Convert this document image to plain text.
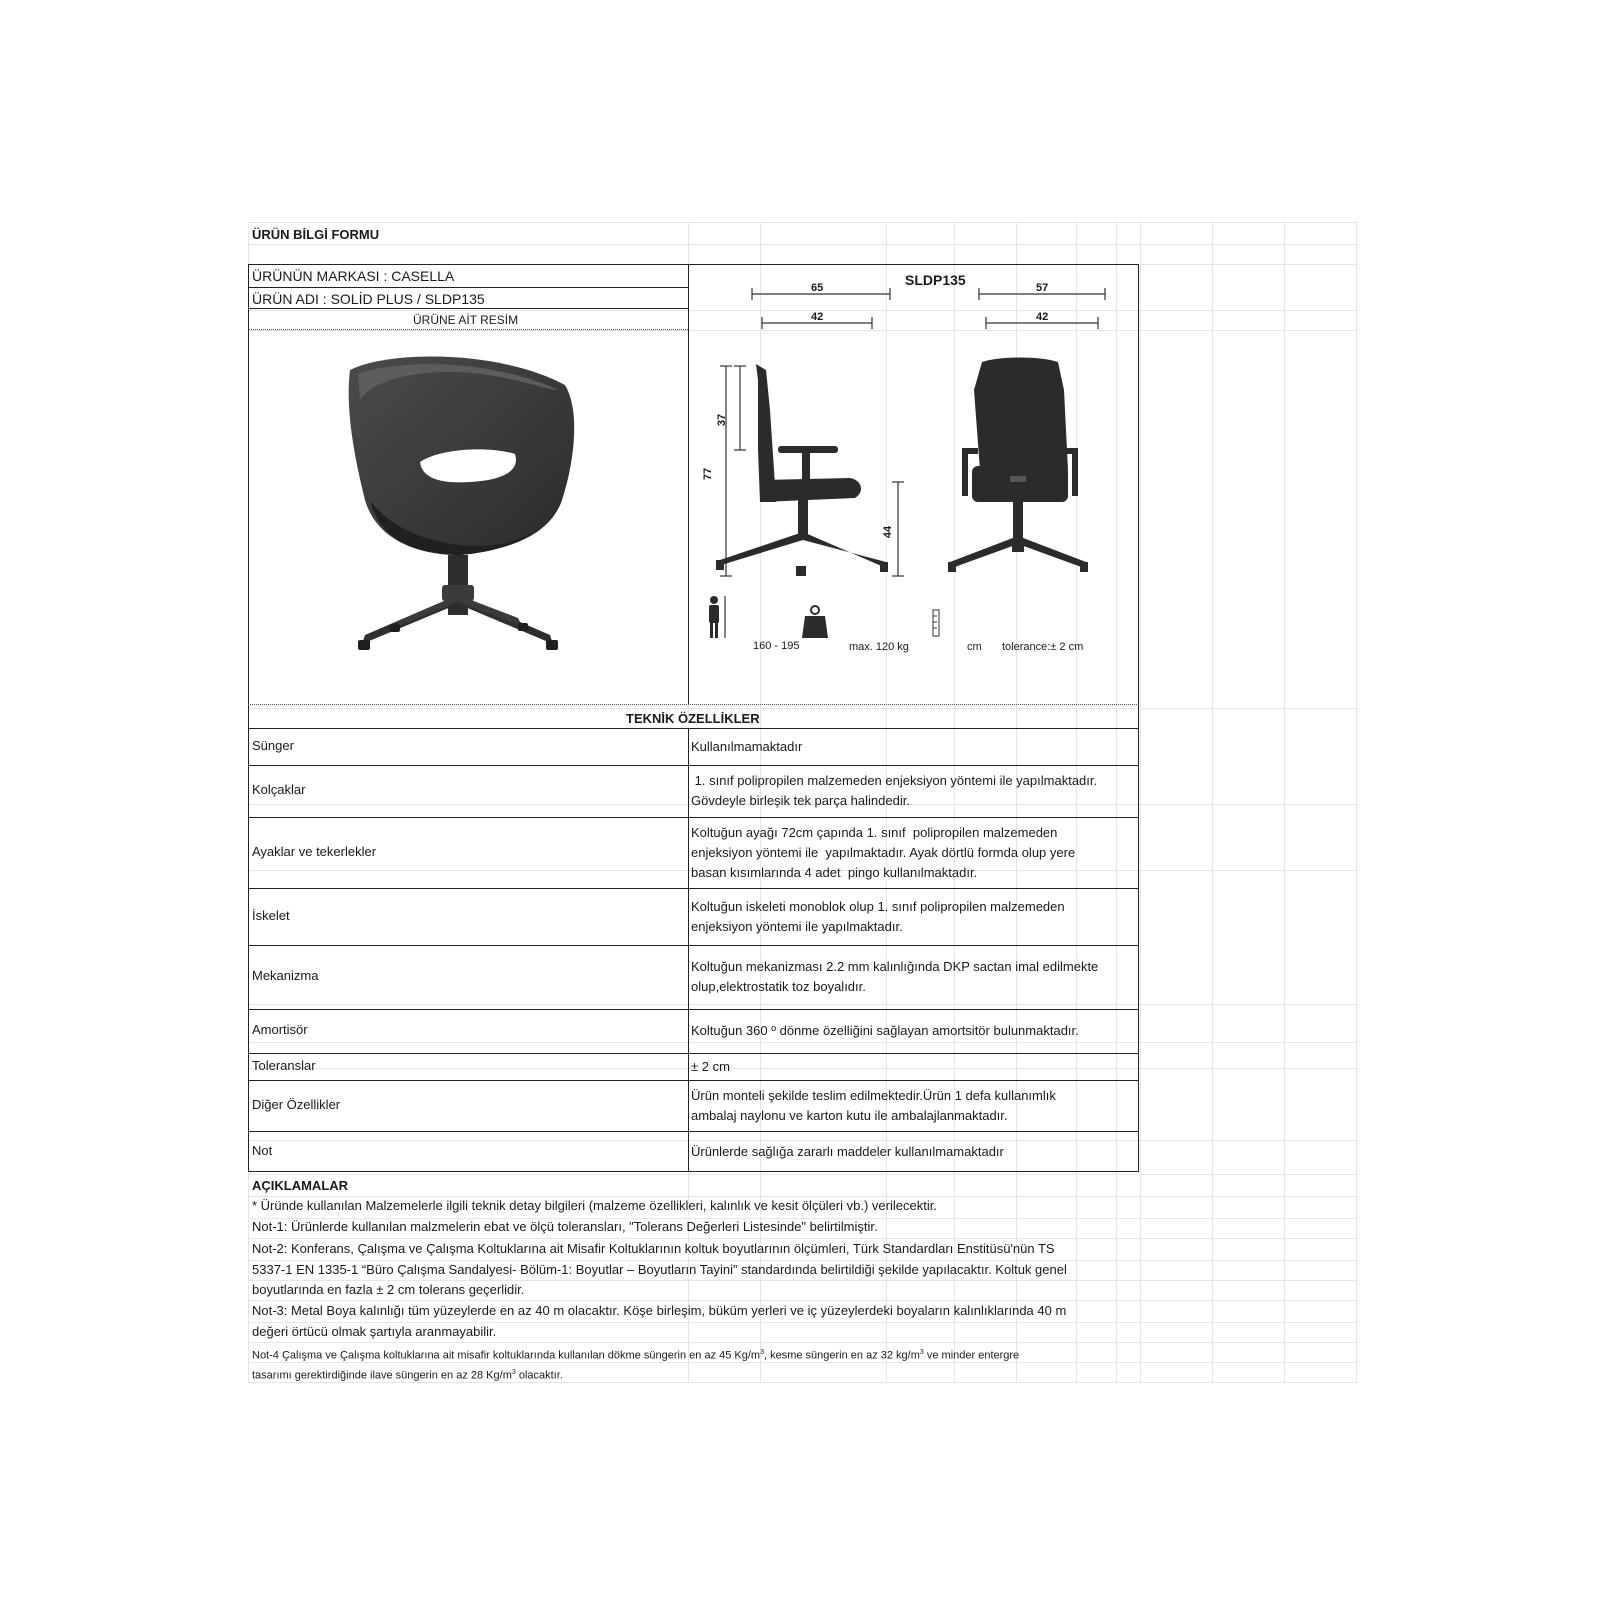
ÜRÜN BİLGİ FORMU
ÜRÜNÜN MARKASI : CASELLA
ÜRÜN ADI : SOLİD PLUS / SLDP135
ÜRÜNE AİT RESİM
SLDP135
65
42
57
42
37
77
44
160 - 195	kg max. 120 kg	cm tolerance:± 2 cm
TEKNİK ÖZELLİKLER
Sünger	Kullanılmamaktadır
Kolçaklar
1. sınıf polipropilen malzemeden enjeksiyon yöntemi ile yapılmaktadır.
Gövdeyle birleşik tek parça halindedir.
Ayaklar ve tekerlekler
Koltuğun ayağı 72cm çapında 1. sınıf  polipropilen malzemeden
enjeksiyon yöntemi ile  yapılmaktadır. Ayak dörtlü formda olup yere
basan kısımlarında 4 adet  pingo kullanılmaktadır.
İskelet
Koltuğun iskeleti monoblok olup 1. sınıf polipropilen malzemeden
enjeksiyon yöntemi ile yapılmaktadır.
Mekanizma
Koltuğun mekanizması 2.2 mm kalınlığında DKP sactan imal edilmekte
olup,elektrostatik toz boyalıdır.
Amortisör	Koltuğun 360 º dönme özelliğini sağlayan amortsitör bulunmaktadır.
Toleranslar	± 2 cm
Diğer Özellikler
Ürün monteli şekilde teslim edilmektedir.Ürün 1 defa kullanımlık
ambalaj naylonu ve karton kutu ile ambalajlanmaktadır.
Not	Ürünlerde sağlığa zararlı maddeler kullanılmamaktadır
AÇIKLAMALAR
* Üründe kullanılan Malzemelerle ilgili teknik detay bilgileri (malzeme özellikleri, kalınlık ve kesit ölçüleri vb.) verilecektir.
Not-1: Ürünlerde kullanılan malzmelerin ebat ve ölçü toleransları, "Tolerans Değerleri Listesinde" belirtilmiştir.
Not-2: Konferans, Çalışma ve Çalışma Koltuklarına ait Misafir Koltuklarının koltuk boyutlarının ölçümleri, Türk Standardları Enstitüsü'nün TS
5337-1 EN 1335-1 “Büro Çalışma Sandalyesi- Bölüm-1: Boyutlar – Boyutların Tayini” standardında belirtildiği şekilde yapılacaktır. Koltuk genel
boyutlarında en fazla ± 2 cm tolerans geçerlidir.
Not-3: Metal Boya kalınlığı tüm yüzeylerde en az 40 m olacaktır. Köşe birleşim, büküm yerleri ve iç yüzeylerdeki boyaların kalınlıklarında 40 m
değeri örtücü olmak şartıyla aranmayabilir.
Not-4 Çalışma ve Çalışma koltuklarına ait misafir koltuklarında kullanılan dökme süngerin en az 45 $Kg/m^3$, kesme süngerin en az 32 $kg/m^3$ ve minder entergre
tasarımı gerektirdiğinde ilave süngerin en az 28 $Kg/m^3$ olacaktır.
